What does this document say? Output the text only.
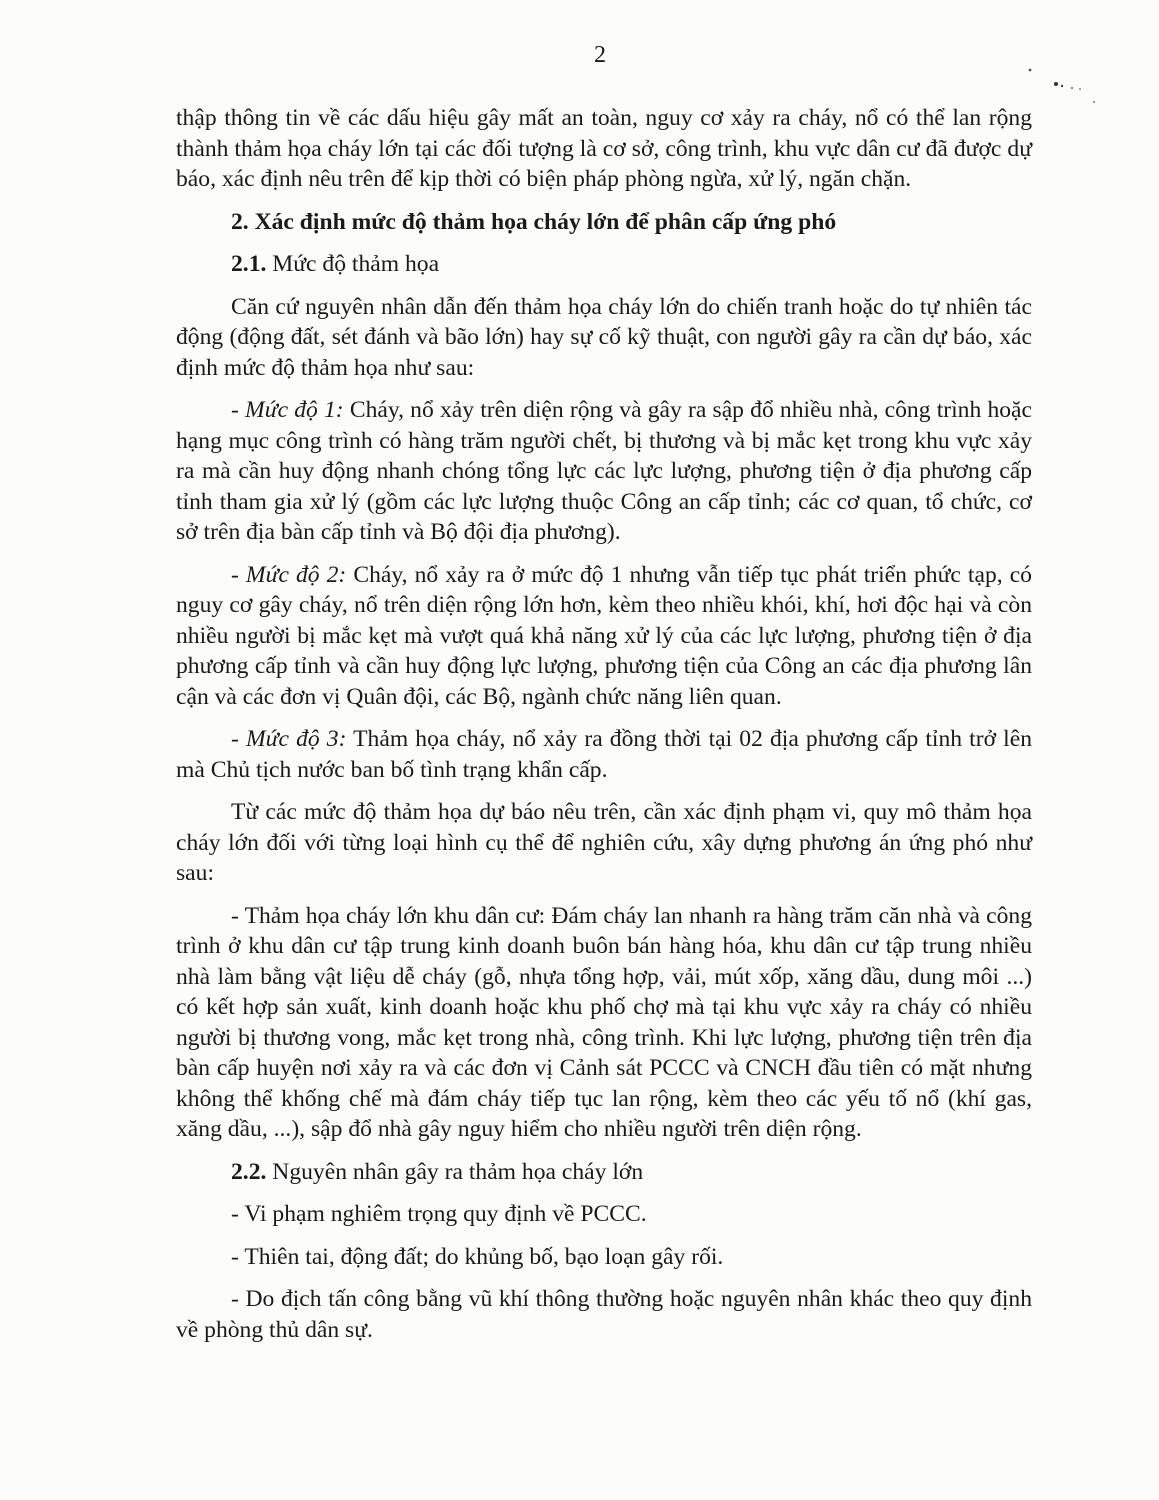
2

thập thông tin về các dấu hiệu gây mất an toàn, nguy cơ xảy ra cháy, nổ có thể lan rộng thành thảm họa cháy lớn tại các đối tượng là cơ sở, công trình, khu vực dân cư đã được dự báo, xác định nêu trên để kịp thời có biện pháp phòng ngừa, xử lý, ngăn chặn.

2. Xác định mức độ thảm họa cháy lớn để phân cấp ứng phó

2.1. Mức độ thảm họa

Căn cứ nguyên nhân dẫn đến thảm họa cháy lớn do chiến tranh hoặc do tự nhiên tác động (động đất, sét đánh và bão lớn) hay sự cố kỹ thuật, con người gây ra cần dự báo, xác định mức độ thảm họa như sau:

- Mức độ 1: Cháy, nổ xảy trên diện rộng và gây ra sập đổ nhiều nhà, công trình hoặc hạng mục công trình có hàng trăm người chết, bị thương và bị mắc kẹt trong khu vực xảy ra mà cần huy động nhanh chóng tổng lực các lực lượng, phương tiện ở địa phương cấp tỉnh tham gia xử lý (gồm các lực lượng thuộc Công an cấp tỉnh; các cơ quan, tổ chức, cơ sở trên địa bàn cấp tỉnh và Bộ đội địa phương).

- Mức độ 2: Cháy, nổ xảy ra ở mức độ 1 nhưng vẫn tiếp tục phát triển phức tạp, có nguy cơ gây cháy, nổ trên diện rộng lớn hơn, kèm theo nhiều khói, khí, hơi độc hại và còn nhiều người bị mắc kẹt mà vượt quá khả năng xử lý của các lực lượng, phương tiện ở địa phương cấp tỉnh và cần huy động lực lượng, phương tiện của Công an các địa phương lân cận và các đơn vị Quân đội, các Bộ, ngành chức năng liên quan.

- Mức độ 3: Thảm họa cháy, nổ xảy ra đồng thời tại 02 địa phương cấp tỉnh trở lên mà Chủ tịch nước ban bố tình trạng khẩn cấp.

Từ các mức độ thảm họa dự báo nêu trên, cần xác định phạm vi, quy mô thảm họa cháy lớn đối với từng loại hình cụ thể để nghiên cứu, xây dựng phương án ứng phó như sau:

- Thảm họa cháy lớn khu dân cư: Đám cháy lan nhanh ra hàng trăm căn nhà và công trình ở khu dân cư tập trung kinh doanh buôn bán hàng hóa, khu dân cư tập trung nhiều nhà làm bằng vật liệu dễ cháy (gỗ, nhựa tổng hợp, vải, mút xốp, xăng dầu, dung môi ...) có kết hợp sản xuất, kinh doanh hoặc khu phố chợ mà tại khu vực xảy ra cháy có nhiều người bị thương vong, mắc kẹt trong nhà, công trình. Khi lực lượng, phương tiện trên địa bàn cấp huyện nơi xảy ra và các đơn vị Cảnh sát PCCC và CNCH đầu tiên có mặt nhưng không thể khống chế mà đám cháy tiếp tục lan rộng, kèm theo các yếu tố nổ (khí gas, xăng dầu, ...), sập đổ nhà gây nguy hiểm cho nhiều người trên diện rộng.

2.2. Nguyên nhân gây ra thảm họa cháy lớn

- Vi phạm nghiêm trọng quy định về PCCC.

- Thiên tai, động đất; do khủng bố, bạo loạn gây rối.

- Do địch tấn công bằng vũ khí thông thường hoặc nguyên nhân khác theo quy định về phòng thủ dân sự.
